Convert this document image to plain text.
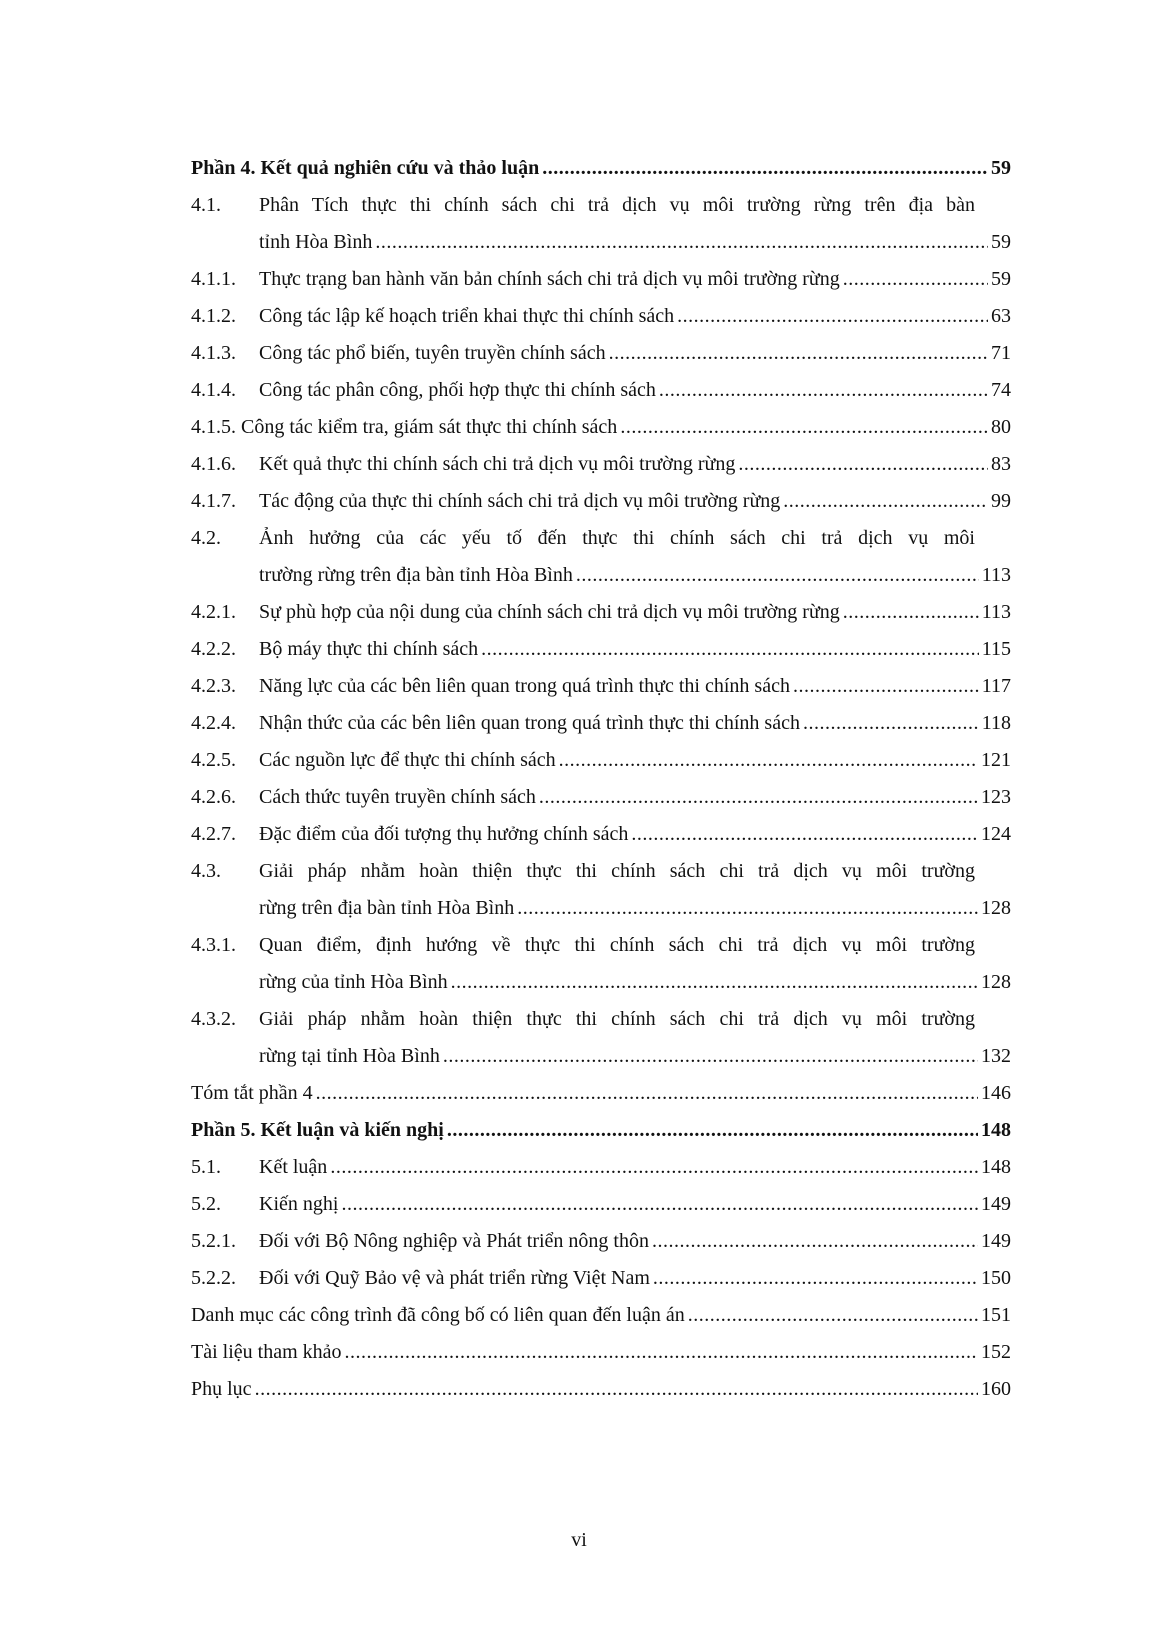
Phần 4. Kết quả nghiên cứu và thảo luận .....	59
4.1.	Phân Tích thực thi chính sách chi trả dịch vụ môi trường rừng trên địa bàn
tỉnh Hòa Bình .....	59
4.1.1.	Thực trạng ban hành văn bản chính sách chi trả dịch vụ môi trường rừng .....	59
4.1.2.	Công tác lập kế hoạch triển khai thực thi chính sách .....	63
4.1.3.	Công tác phổ biến, tuyên truyền chính sách .....	71
4.1.4.	Công tác phân công, phối hợp thực thi chính sách .....	74
4.1.5. Công tác kiểm tra, giám sát thực thi chính sách .....	80
4.1.6.	Kết quả thực thi chính sách chi trả dịch vụ môi trường rừng .....	83
4.1.7.	Tác động của thực thi chính sách chi trả dịch vụ môi trường rừng .....	99
4.2.	Ảnh hưởng của các yếu tố đến thực thi chính sách chi trả dịch vụ môi
trường rừng trên địa bàn tỉnh Hòa Bình .....	113
4.2.1.	Sự phù hợp của nội dung của chính sách chi trả dịch vụ môi trường rừng .....	113
4.2.2.	Bộ máy thực thi chính sách .....	115
4.2.3.	Năng lực của các bên liên quan trong quá trình thực thi chính sách .....	117
4.2.4.	Nhận thức của các bên liên quan trong quá trình thực thi chính sách .....	118
4.2.5.	Các nguồn lực để thực thi chính sách .....	121
4.2.6.	Cách thức tuyên truyền chính sách .....	123
4.2.7.	Đặc điểm của đối tượng thụ hưởng chính sách .....	124
4.3.	Giải pháp nhằm hoàn thiện thực thi chính sách chi trả dịch vụ môi trường
rừng trên địa bàn tỉnh Hòa Bình .....	128
4.3.1.	Quan điểm, định hướng về thực thi chính sách chi trả dịch vụ môi trường
rừng của tỉnh Hòa Bình .....	128
4.3.2.	Giải pháp nhằm hoàn thiện thực thi chính sách chi trả dịch vụ môi trường
rừng tại tỉnh Hòa Bình .....	132
Tóm tắt phần 4 .....	146
Phần 5. Kết luận và kiến nghị .....	148
5.1.	Kết luận .....	148
5.2.	Kiến nghị .....	149
5.2.1.	Đối với Bộ Nông nghiệp và Phát triển nông thôn .....	149
5.2.2.	Đối với Quỹ Bảo vệ và phát triển rừng Việt Nam .....	150
Danh mục các công trình đã công bố có liên quan đến luận án .....	151
Tài liệu tham khảo .....	152
Phụ lục .....	160
vi
